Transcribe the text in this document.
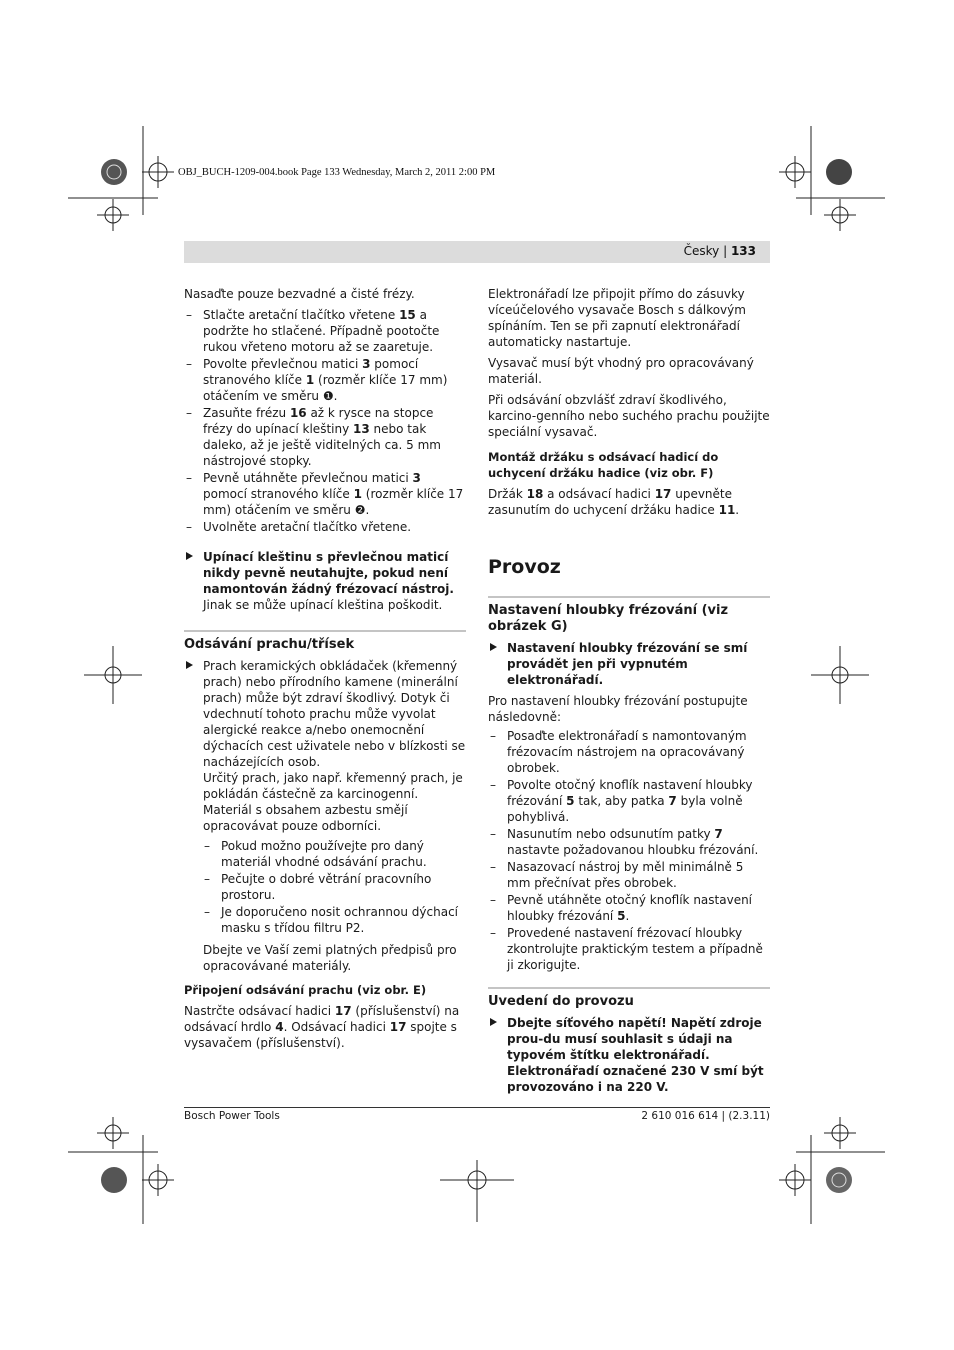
OBJ_BUCH-1209-004.book Page 133 Wednesday, March 2, 2011 2:00 PM
Česky | 133

Nasaďte pouze bezvadné a čisté frézy.

– Stlačte aretační tlačítko vřetene 15 a podržte ho stlačené. Případně pootočte rukou vřeteno motoru až se zaaretuje.
– Povolte převlečnou matici 3 pomocí stranového klíče 1 (rozměr klíče 17 mm) otáčením ve směru ❶.
– Zasuňte frézu 16 až k rysce na stopce frézy do upínací kleštiny 13 nebo tak daleko, až je ještě viditelných ca. 5 mm nástrojové stopky.
– Pevně utáhněte převlečnou matici 3 pomocí stranového klíče 1 (rozměr klíče 17 mm) otáčením ve směru ❷.
– Uvolněte aretační tlačítko vřetene.
Upínací kleštinu s převlečnou maticí nikdy pevně neutahujte, pokud není namontován žádný frézovací nástroj. Jinak se může upínací kleština poškodit.
Odsávání prachu/třísek
Prach keramických obkládaček (křemenný prach) nebo přírodního kamene (minerální prach) může být zdraví škodlivý. Dotyk či vdechnutí tohoto prachu může vyvolat alergické reakce a/nebo onemocnění dýchacích cest uživatele nebo v blízkosti se nacházejících osob.
Určitý prach, jako např. křemenný prach, je pokládán částečně za karcinogenní. Materiál s obsahem azbestu smějí opracovávat pouze odborníci.
– Pokud možno používejte pro daný materiál vhodné odsávání prachu.
– Pečujte o dobré větrání pracovního prostoru.
– Je doporučeno nosit ochrannou dýchací masku s třídou filtru P2.

Dbejte ve Vaší zemi platných předpisů pro opracovávané materiály.

Připojení odsávání prachu (viz obr. E)

Nastrčte odsávací hadici 17 (příslušenství) na odsávací hrdlo 4. Odsávací hadici 17 spojte s vysavačem (příslušenství).

Elektronářadí lze připojit přímo do zásuvky víceúčelového vysavače Bosch s dálkovým spínáním. Ten se při zapnutí elektronářadí automaticky nastartuje.

Vysavač musí být vhodný pro opracovávaný materiál.

Při odsávání obzvlášť zdraví škodlivého, karcino-genního nebo suchého prachu použijte speciální vysavač.

Montáž držáku s odsávací hadicí do uchycení držáku hadice (viz obr. F)

Držák 18 a odsávací hadici 17 upevněte zasunutím do uchycení držáku hadice 11.

Provoz
Nastavení hloubky frézování (viz obrázek G)
Nastavení hloubky frézování se smí provádět jen při vypnutém elektronářadí.

Pro nastavení hloubky frézování postupujte následovně:

– Posaďte elektronářadí s namontovaným frézovacím nástrojem na opracovávaný obrobek.
– Povolte otočný knoflík nastavení hloubky frézování 5 tak, aby patka 7 byla volně pohyblivá.
– Nasunutím nebo odsunutím patky 7 nastavte požadovanou hloubku frézování.
– Nasazovací nástroj by měl minimálně 5 mm přečnívat přes obrobek.
– Pevně utáhněte otočný knoflík nastavení hloubky frézování 5.
– Provedené nastavení frézovací hloubky zkontrolujte praktickým testem a případně ji zkorigujte.
Uvedení do provozu
Dbejte síťového napětí! Napětí zdroje prou-du musí souhlasit s údaji na typovém štítku elektronářadí. Elektronářadí označené 230 V smí být provozováno i na 220 V.
Bosch Power Tools	2 610 016 614 | (2.3.11)
